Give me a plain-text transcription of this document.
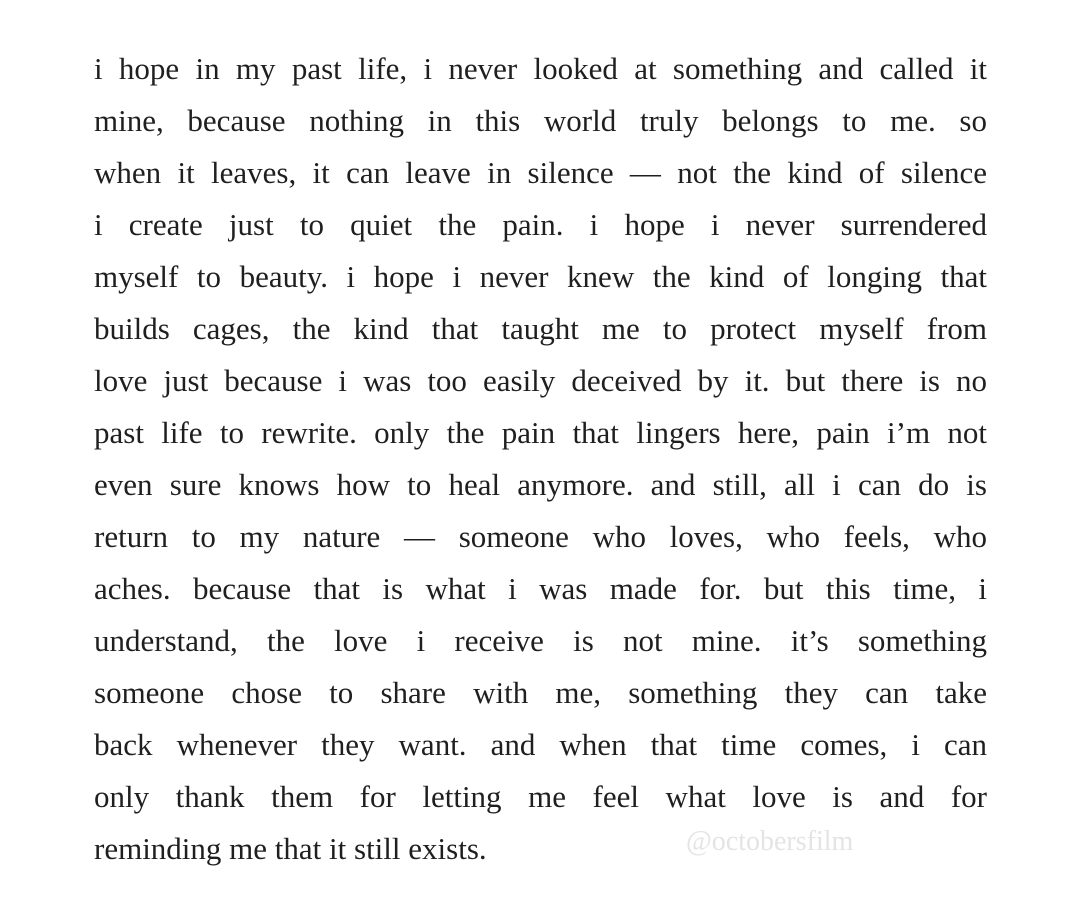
i hope in my past life, i never looked at something and called it
mine, because nothing in this world truly belongs to me. so
when it leaves, it can leave in silence — not the kind of silence
i create just to quiet the pain. i hope i never surrendered
myself to beauty. i hope i never knew the kind of longing that
builds cages, the kind that taught me to protect myself from
love just because i was too easily deceived by it. but there is no
past life to rewrite. only the pain that lingers here, pain i’m not
even sure knows how to heal anymore. and still, all i can do is
return to my nature — someone who loves, who feels, who
aches. because that is what i was made for. but this time, i
understand, the love i receive is not mine. it’s something
someone chose to share with me, something they can take
back whenever they want. and when that time comes, i can
only thank them for letting me feel what love is and for
reminding me that it still exists.	@octobersfilm
